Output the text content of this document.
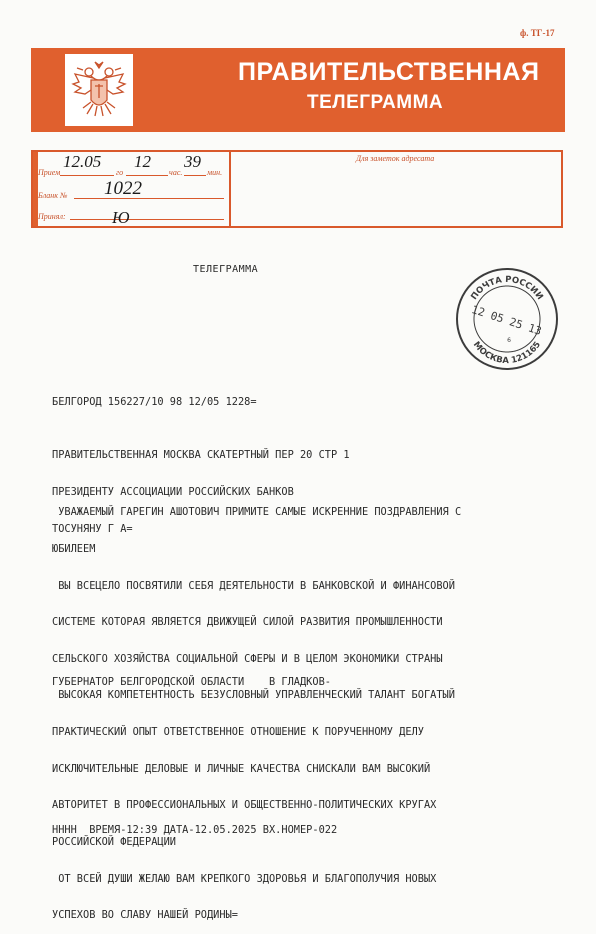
ф. ТГ-17
ПРАВИТЕЛЬСТВЕННАЯ
ТЕЛЕГРАММА
Прием
12.05
го
12
час.
39
мин.
Бланк № 1022
Принял:	Ю
Для заметок адресата
ТЕЛЕГРАММА
ПОЧТА РОССИИ
МОСКВА 121165
12 05 25 13
6
БЕЛГОРОД 156227/10 98 12/05 1228=

ПРАВИТЕЛЬСТВЕННАЯ МОСКВА СКАТЕРТНЫЙ ПЕР 20 СТР 1

ПРЕЗИДЕНТУ АССОЦИАЦИИ РОССИЙСКИХ БАНКОВ

ТОСУНЯНУ Г А=

УВАЖАЕМЫЙ ГАРЕГИН АШОТОВИЧ ПРИМИТЕ САМЫЕ ИСКРЕННИЕ ПОЗДРАВЛЕНИЯ С

ЮБИЛЕЕМ

ВЫ ВСЕЦЕЛО ПОСВЯТИЛИ СЕБЯ ДЕЯТЕЛЬНОСТИ В БАНКОВСКОЙ И ФИНАНСОВОЙ

СИСТЕМЕ КОТОРАЯ ЯВЛЯЕТСЯ ДВИЖУЩЕЙ СИЛОЙ РАЗВИТИЯ ПРОМЫШЛЕННОСТИ

СЕЛЬСКОГО ХОЗЯЙСТВА СОЦИАЛЬНОЙ СФЕРЫ И В ЦЕЛОМ ЭКОНОМИКИ СТРАНЫ

ВЫСОКАЯ КОМПЕТЕНТНОСТЬ БЕЗУСЛОВНЫЙ УПРАВЛЕНЧЕСКИЙ ТАЛАНТ БОГАТЫЙ

ПРАКТИЧЕСКИЙ ОПЫТ ОТВЕТСТВЕННОЕ ОТНОШЕНИЕ К ПОРУЧЕННОМУ ДЕЛУ

ИСКЛЮЧИТЕЛЬНЫЕ ДЕЛОВЫЕ И ЛИЧНЫЕ КАЧЕСТВА СНИСКАЛИ ВАМ ВЫСОКИЙ

АВТОРИТЕТ В ПРОФЕССИОНАЛЬНЫХ И ОБЩЕСТВЕННО-ПОЛИТИЧЕСКИХ КРУГАХ

РОССИЙСКОЙ ФЕДЕРАЦИИ

ОТ ВСЕЙ ДУШИ ЖЕЛАЮ ВАМ КРЕПКОГО ЗДОРОВЬЯ И БЛАГОПОЛУЧИЯ НОВЫХ

УСПЕХОВ ВО СЛАВУ НАШЕЙ РОДИНЫ=

ГУБЕРНАТОР БЕЛГОРОДСКОЙ ОБЛАСТИ    В ГЛАДКОВ-
НННН  ВРЕМЯ-12:39 ДАТА-12.05.2025 ВХ.НОМЕР-022
